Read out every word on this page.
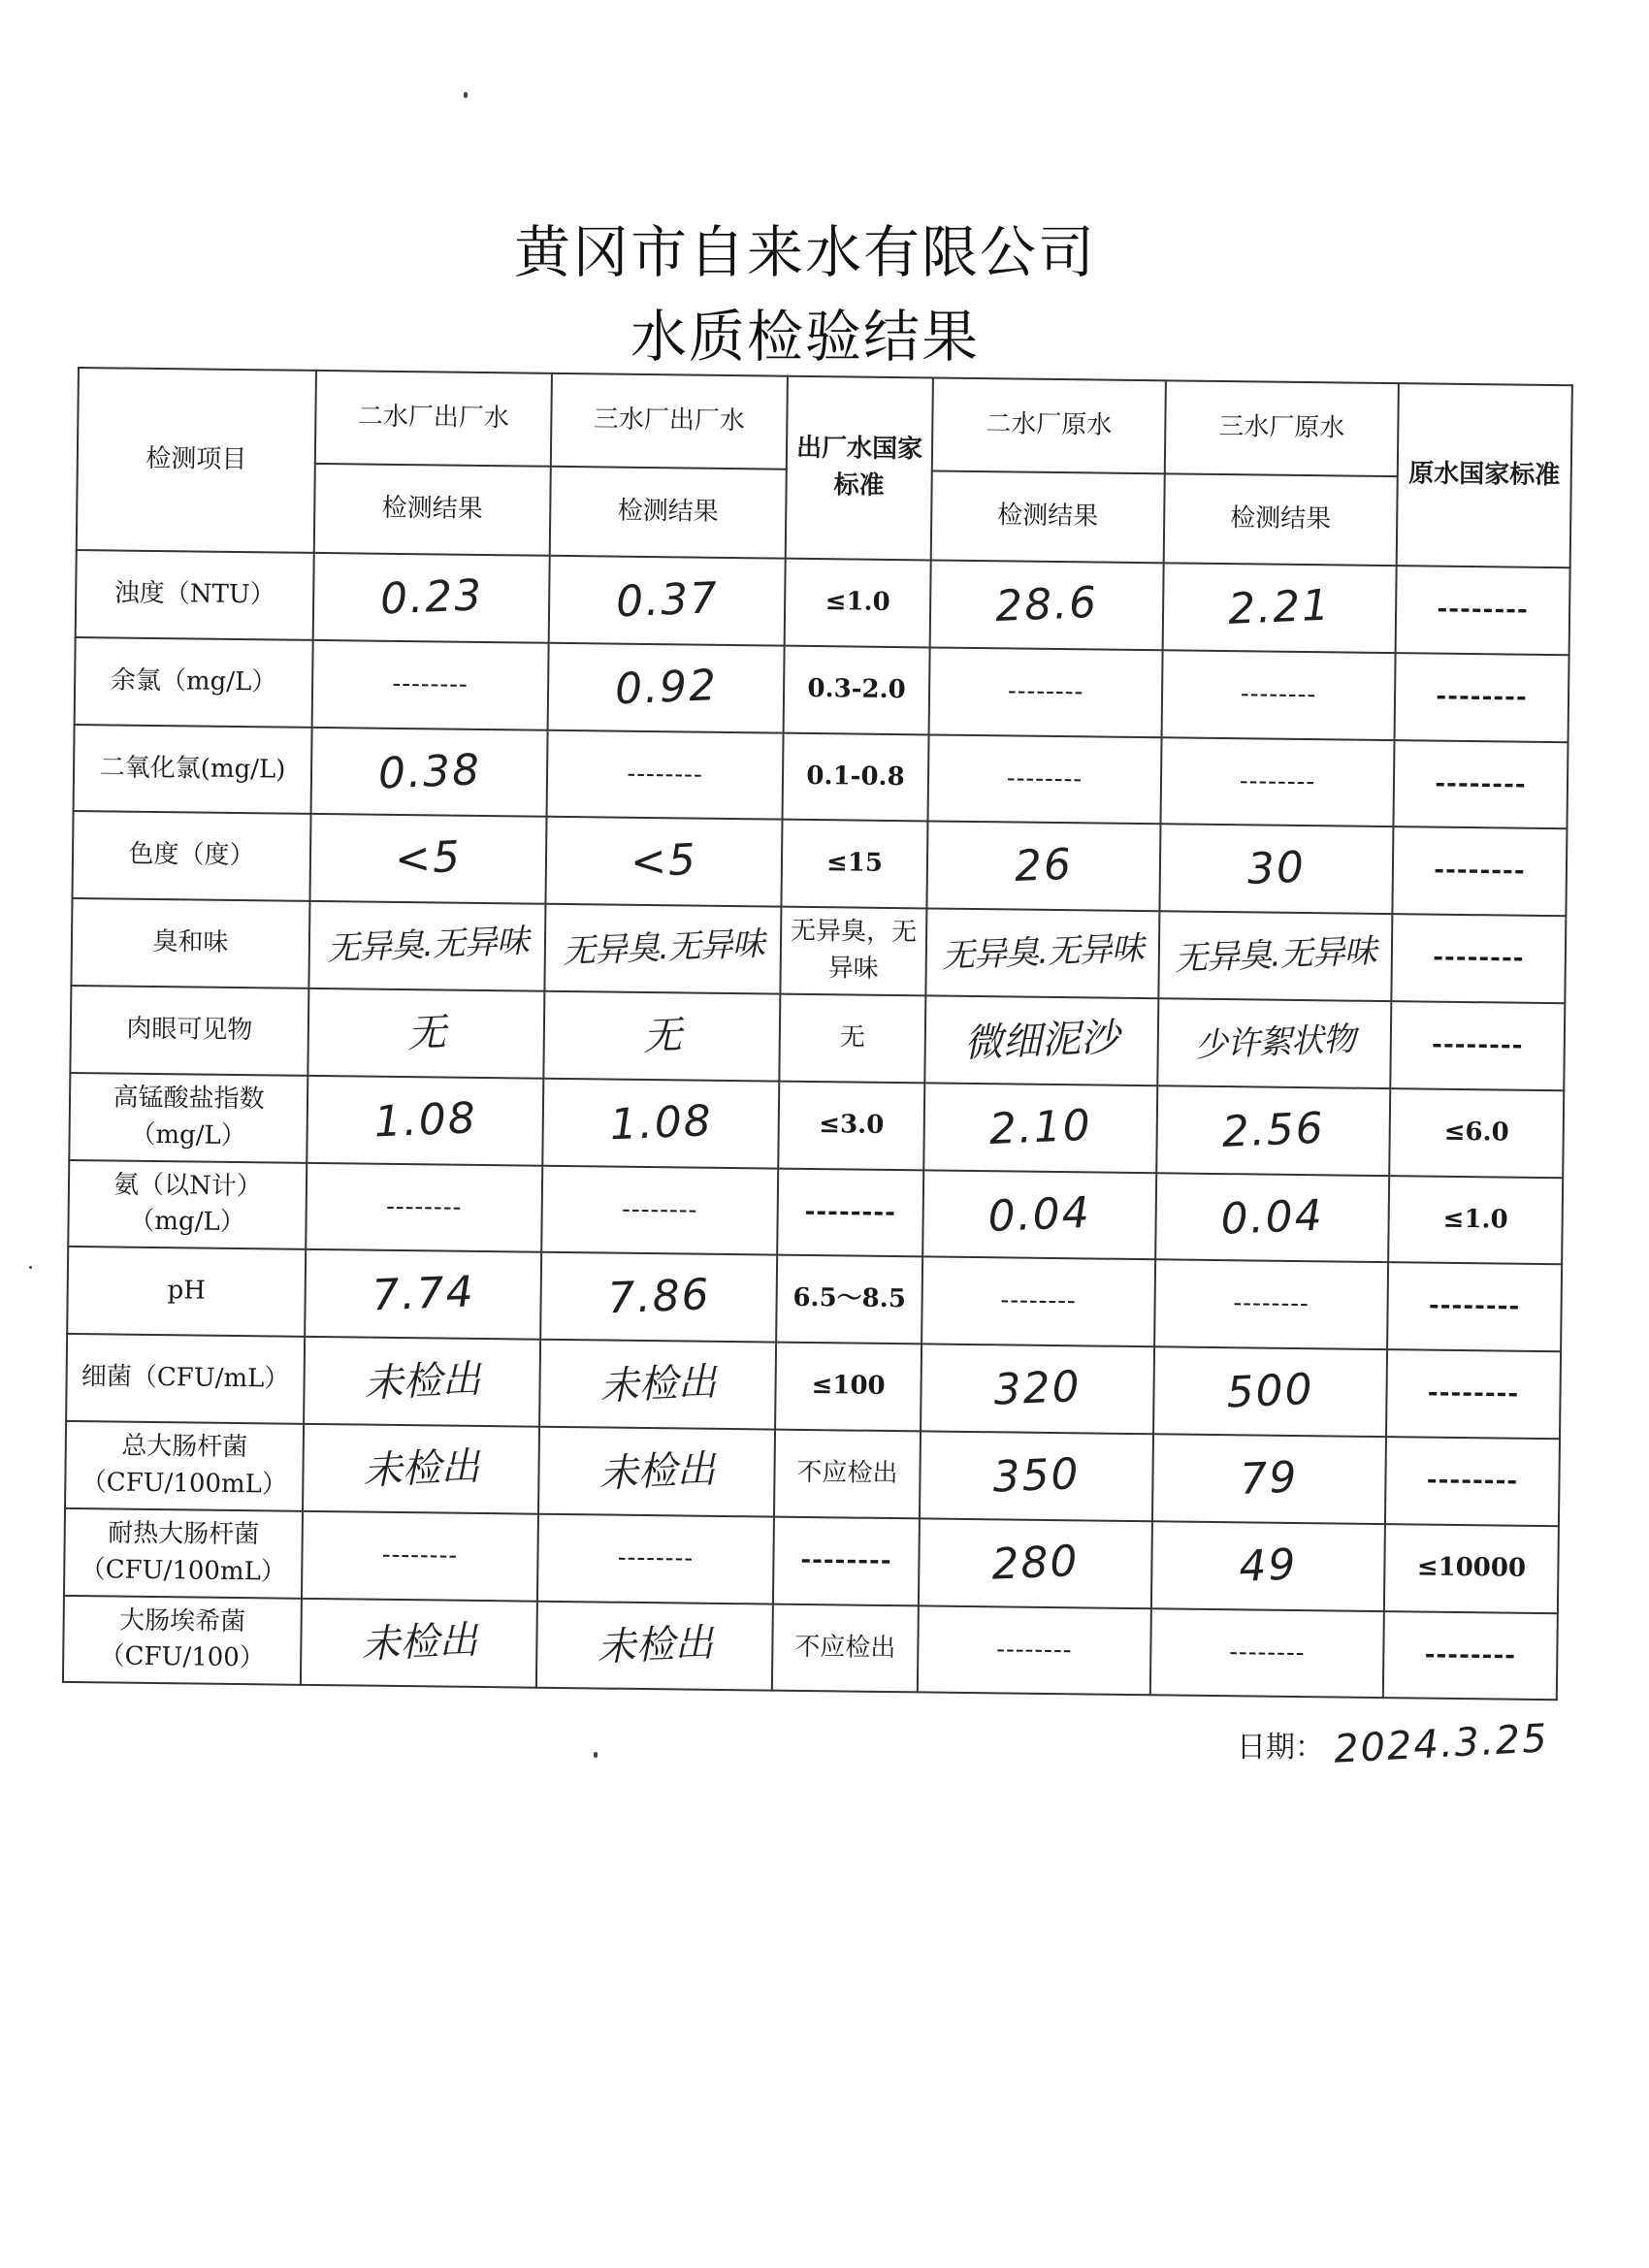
黄冈市自来水有限公司
水质检验结果
检测项目	二水厂出厂水	三水厂出厂水	出厂水国家标准	二水厂原水	三水厂原水	原水国家标准
	检测结果	检测结果		检测结果	检测结果	
浊度（NTU）	0.23	0.37	≤1.0	28.6	2.21	--------
余氯（mg/L）	--------	0.92	0.3-2.0	--------	--------	--------
二氧化氯(mg/L)	0.38	--------	0.1-0.8	--------	--------	--------
色度（度）	<5	<5	≤15	26	30	--------
臭和味	无异臭.无异味	无异臭.无异味	无异臭，无异味	无异臭.无异味	无异臭.无异味	--------
肉眼可见物	无	无	无	微细泥沙	少许絮状物	--------
高锰酸盐指数（mg/L）	1.08	1.08	≤3.0	2.10	2.56	≤6.0
氨（以N计）（mg/L）	--------	--------	--------	0.04	0.04	≤1.0
pH	7.74	7.86	6.5～8.5	--------	--------	--------
细菌（CFU/mL）	未检出	未检出	≤100	320	500	--------
总大肠杆菌（CFU/100mL）	未检出	未检出	不应检出	350	79	--------
耐热大肠杆菌（CFU/100mL）	--------	--------	--------	280	49	≤10000
大肠埃希菌（CFU/100）	未检出	未检出	不应检出	--------	--------	--------
日期： 2024.3.25
